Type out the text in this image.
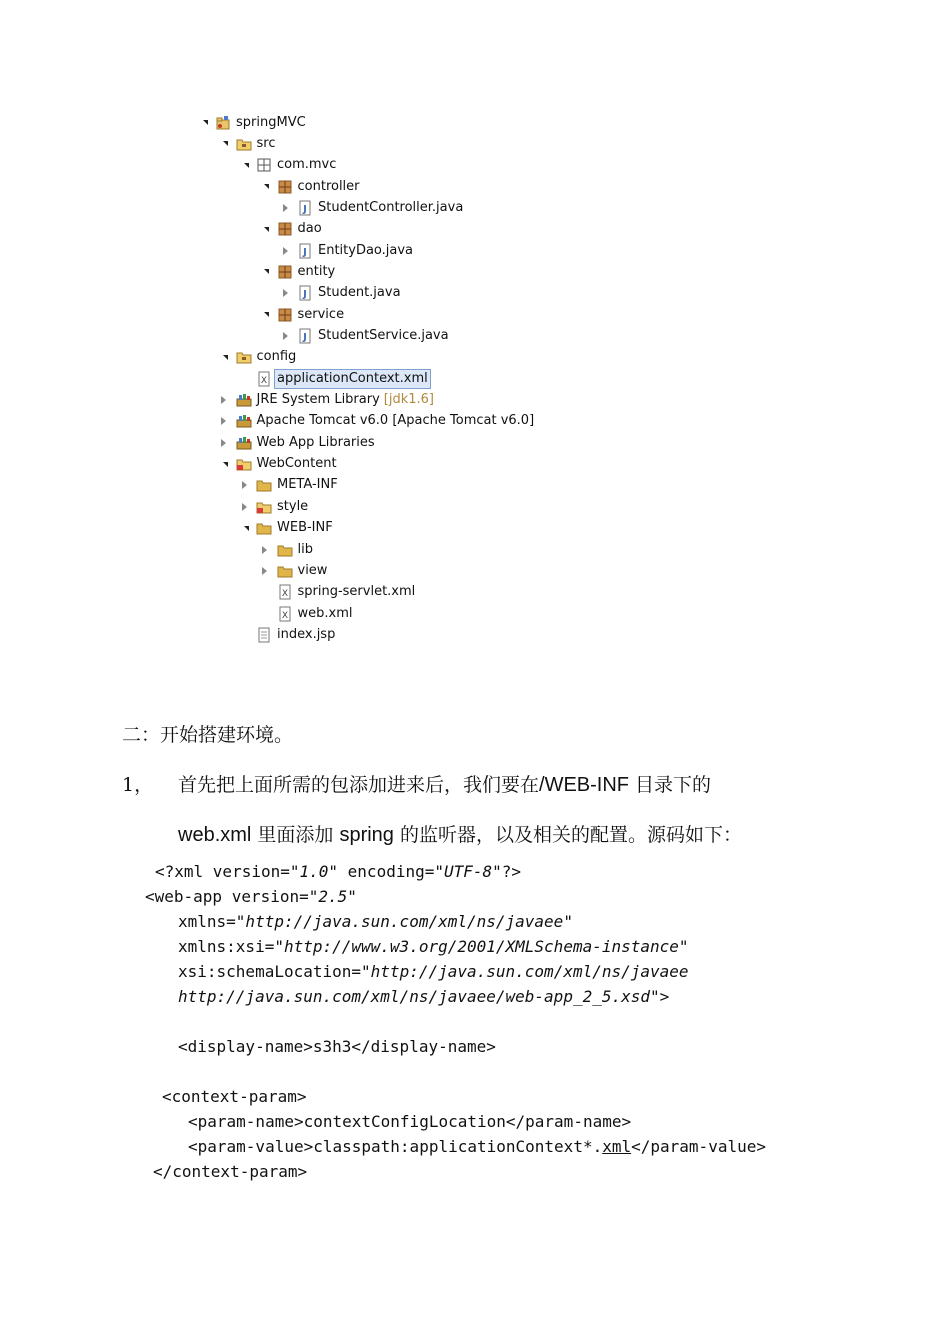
springMVC
src
com.mvc
controller
J StudentController.java
dao
J EntityDao.java
entity
J Student.java
service
J StudentService.java
config
X applicationContext.xml
JRE System Library [jdk1.6]
Apache Tomcat v6.0 [Apache Tomcat v6.0]
Web App Libraries
WebContent
META-INF
style
WEB-INF
lib
view
X spring-servlet.xml
X web.xml
index.jsp
二：开始搭建环境。
1， 首先把上面所需的包添加进来后，我们要在/WEB-INF 目录下的
web.xml 里面添加 spring 的监听器，以及相关的配置。源码如下：
<?xml version="1.0" encoding="UTF-8"?>
<web-app version="2.5"
xmlns="http://java.sun.com/xml/ns/javaee"
xmlns:xsi="http://www.w3.org/2001/XMLSchema-instance"
xsi:schemaLocation="http://java.sun.com/xml/ns/javaee
http://java.sun.com/xml/ns/javaee/web-app_2_5.xsd">
<display-name>s3h3</display-name>
<context-param>
<param-name>contextConfigLocation</param-name>
<param-value>classpath:applicationContext*.xml</param-value>
</context-param>
